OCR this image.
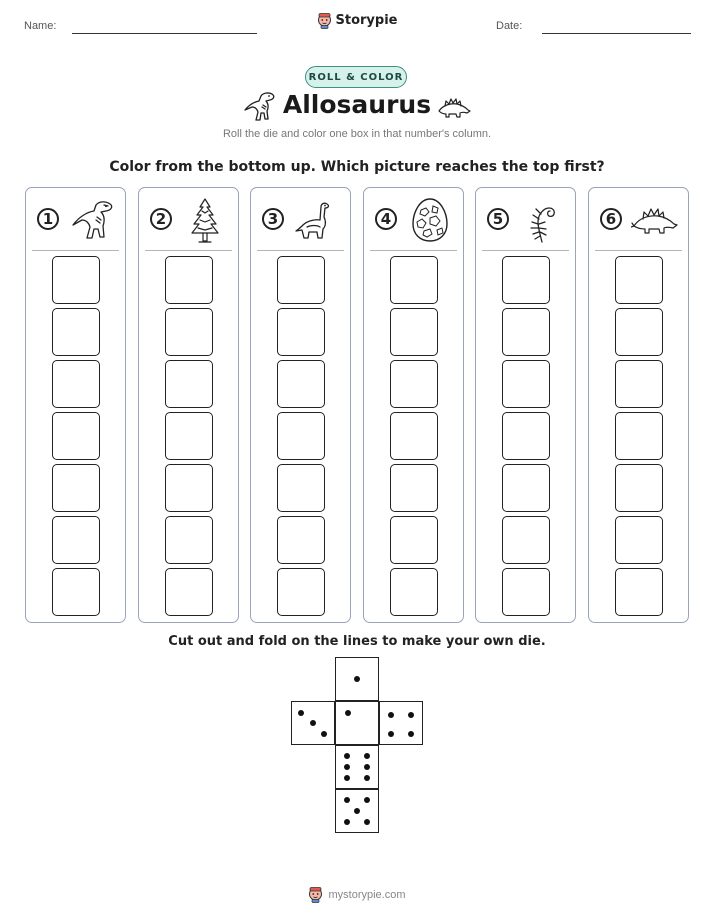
Name:	Date:
Storypie
ROLL & COLOR
Allosaurus
Roll the die and color one box in that number's column.
Color from the bottom up. Which picture reaches the top first?
1	2	3	4	5	6
Cut out and fold on the lines to make your own die.
mystorypie.com
